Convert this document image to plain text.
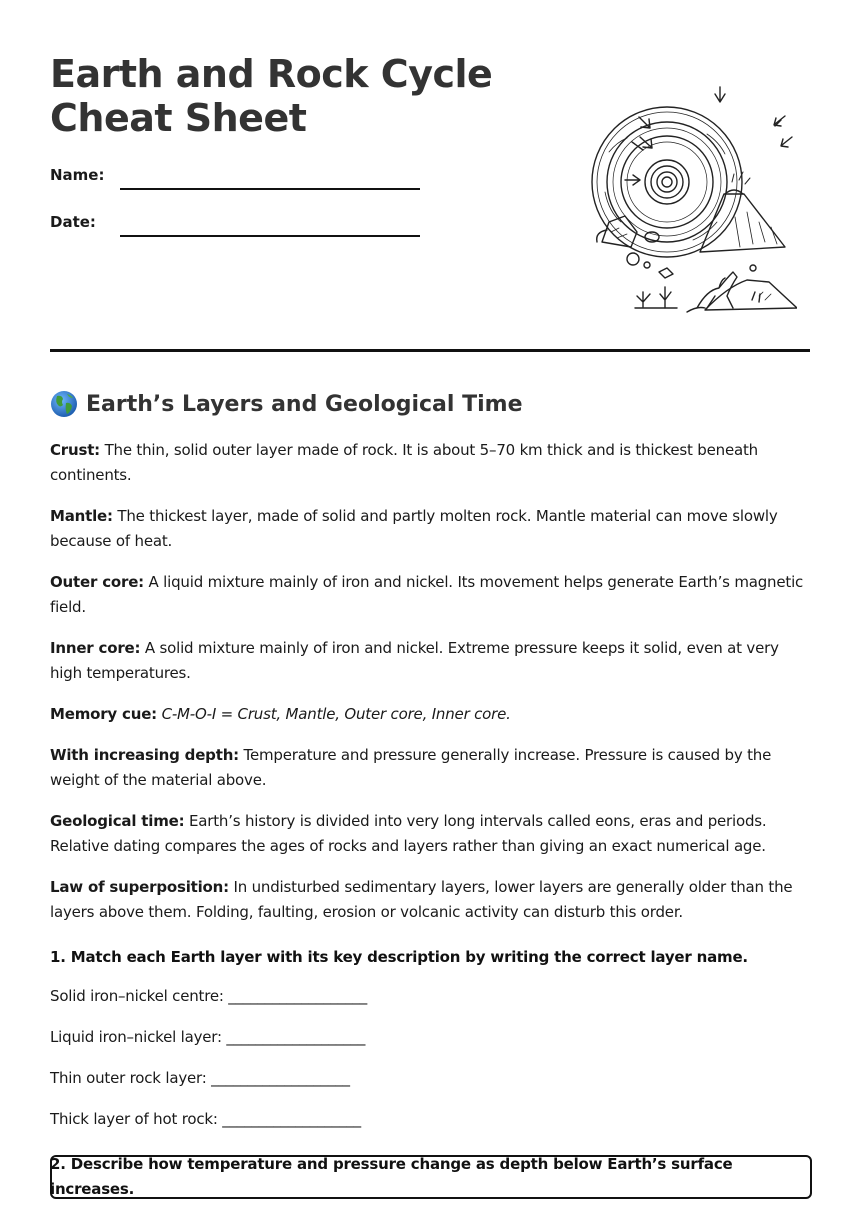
Earth and Rock Cycle
Cheat Sheet
Name:
Date:
Earth’s Layers and Geological Time

Crust: The thin, solid outer layer made of rock. It is about 5–70 km thick and is thickest beneath continents.

Mantle: The thickest layer, made of solid and partly molten rock. Mantle material can move slowly because of heat.

Outer core: A liquid mixture mainly of iron and nickel. Its movement helps generate Earth’s magnetic field.

Inner core: A solid mixture mainly of iron and nickel. Extreme pressure keeps it solid, even at very high temperatures.

Memory cue: C-M-O-I = Crust, Mantle, Outer core, Inner core.

With increasing depth: Temperature and pressure generally increase. Pressure is caused by the weight of the material above.

Geological time: Earth’s history is divided into very long intervals called eons, eras and periods. Relative dating compares the ages of rocks and layers rather than giving an exact numerical age.

Law of superposition: In undisturbed sedimentary layers, lower layers are generally older than the layers above them. Folding, faulting, erosion or volcanic activity can disturb this order.

1. Match each Earth layer with its key description by writing the correct layer name.

Solid iron–nickel centre: ___________________

Liquid iron–nickel layer: ___________________

Thin outer rock layer: ___________________

Thick layer of hot rock: ___________________

2. Describe how temperature and pressure change as depth below Earth’s surface increases.
